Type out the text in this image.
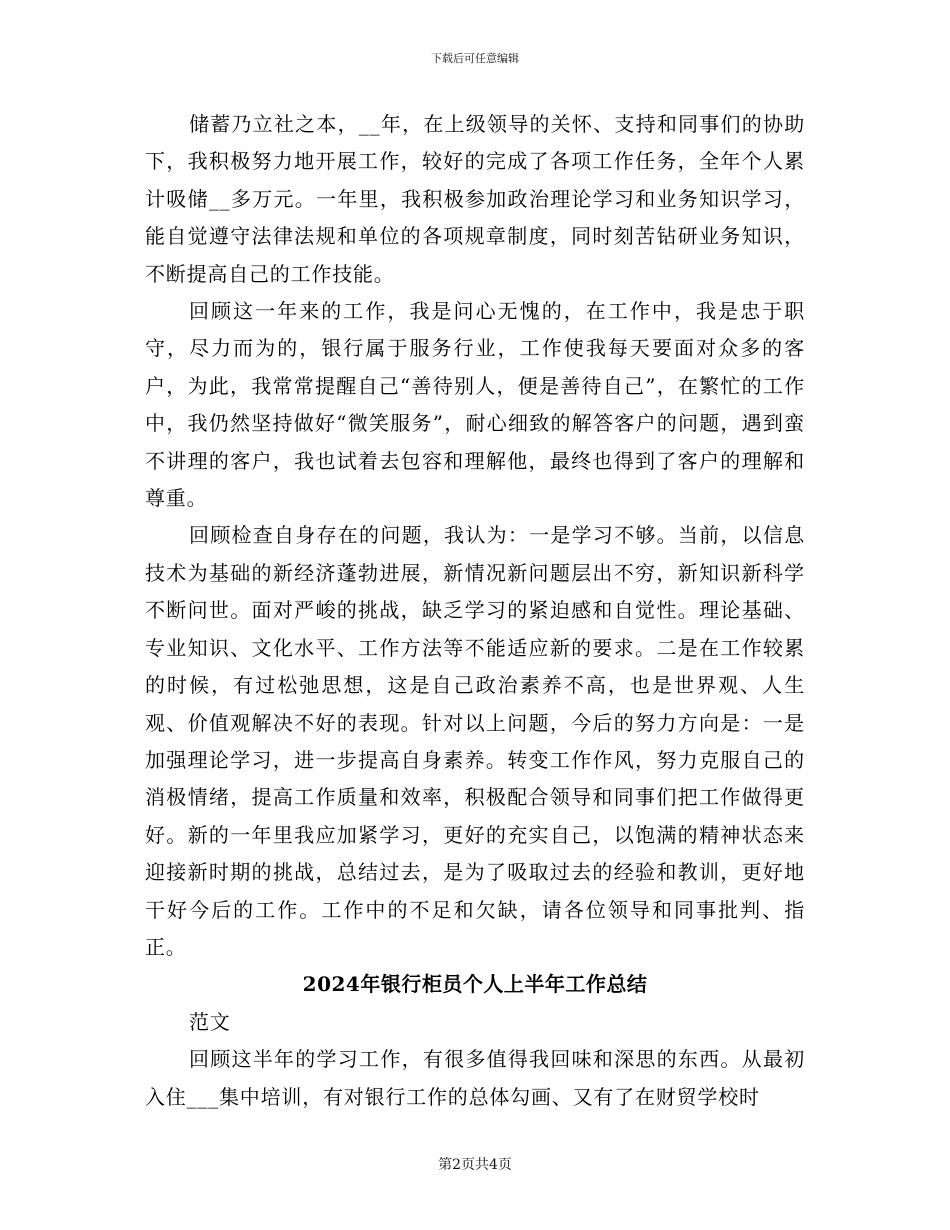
下载后可任意编辑

储蓄乃立社之本，__年，在上级领导的关怀、支持和同事们的协助下，我积极努力地开展工作，较好的完成了各项工作任务，全年个人累计吸储__多万元。一年里，我积极参加政治理论学习和业务知识学习，能自觉遵守法律法规和单位的各项规章制度，同时刻苦钻研业务知识，不断提高自己的工作技能。

回顾这一年来的工作，我是问心无愧的，在工作中，我是忠于职守，尽力而为的，银行属于服务行业，工作使我每天要面对众多的客户，为此，我常常提醒自己“善待别人，便是善待自己”，在繁忙的工作中，我仍然坚持做好“微笑服务”，耐心细致的解答客户的问题，遇到蛮不讲理的客户，我也试着去包容和理解他，最终也得到了客户的理解和尊重。

回顾检查自身存在的问题，我认为：一是学习不够。当前，以信息技术为基础的新经济蓬勃进展，新情况新问题层出不穷，新知识新科学不断问世。面对严峻的挑战，缺乏学习的紧迫感和自觉性。理论基础、专业知识、文化水平、工作方法等不能适应新的要求。二是在工作较累的时候，有过松弛思想，这是自己政治素养不高，也是世界观、人生观、价值观解决不好的表现。针对以上问题，今后的努力方向是：一是加强理论学习，进一步提高自身素养。转变工作作风，努力克服自己的消极情绪，提高工作质量和效率，积极配合领导和同事们把工作做得更好。新的一年里我应加紧学习，更好的充实自己，以饱满的精神状态来迎接新时期的挑战，总结过去，是为了吸取过去的经验和教训，更好地干好今后的工作。工作中的不足和欠缺，请各位领导和同事批判、指正。

2024年银行柜员个人上半年工作总结

范文

回顾这半年的学习工作，有很多值得我回味和深思的东西。从最初入住___集中培训，有对银行工作的总体勾画、又有了在财贸学校时

第2页共4页
